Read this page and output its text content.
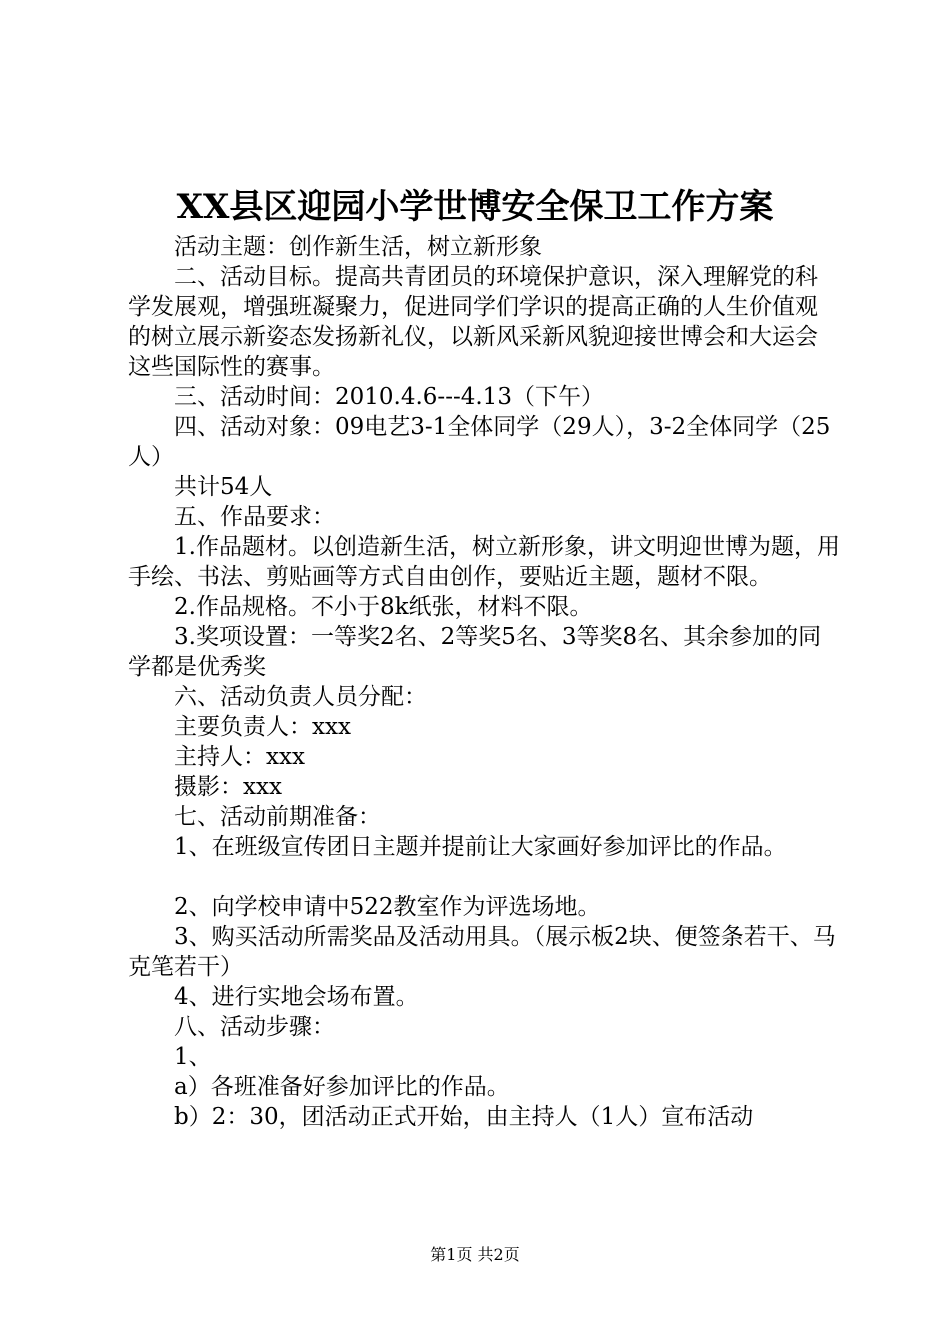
XX县区迎园小学世博安全保卫工作方案

活动主题：创作新生活，树立新形象

二、活动目标。提高共青团员的环境保护意识，深入理解党的科学发展观，增强班凝聚力，促进同学们学识的提高正确的人生价值观的树立展示新姿态发扬新礼仪，以新风采新风貌迎接世博会和大运会这些国际性的赛事。

三、活动时间：2010.4.6---4.13（下午）

四、活动对象：09电艺3-1全体同学（29人），3-2全体同学（25人）

共计54人

五、作品要求：

1.作品题材。以创造新生活，树立新形象，讲文明迎世博为题，用手绘、书法、剪贴画等方式自由创作，要贴近主题，题材不限。

2.作品规格。不小于8k纸张，材料不限。

3.奖项设置：一等奖2名、2等奖5名、3等奖8名、其余参加的同学都是优秀奖

六、活动负责人员分配：

主要负责人：xxx

主持人：xxx

摄影：xxx

七、活动前期准备：

1、在班级宣传团日主题并提前让大家画好参加评比的作品。

2、向学校申请中522教室作为评选场地。

3、购买活动所需奖品及活动用具。（展示板2块、便签条若干、马克笔若干）

4、进行实地会场布置。

八、活动步骤：

1、

a）各班准备好参加评比的作品。

b）2：30，团活动正式开始，由主持人（1人）宣布活动

第1页 共2页
